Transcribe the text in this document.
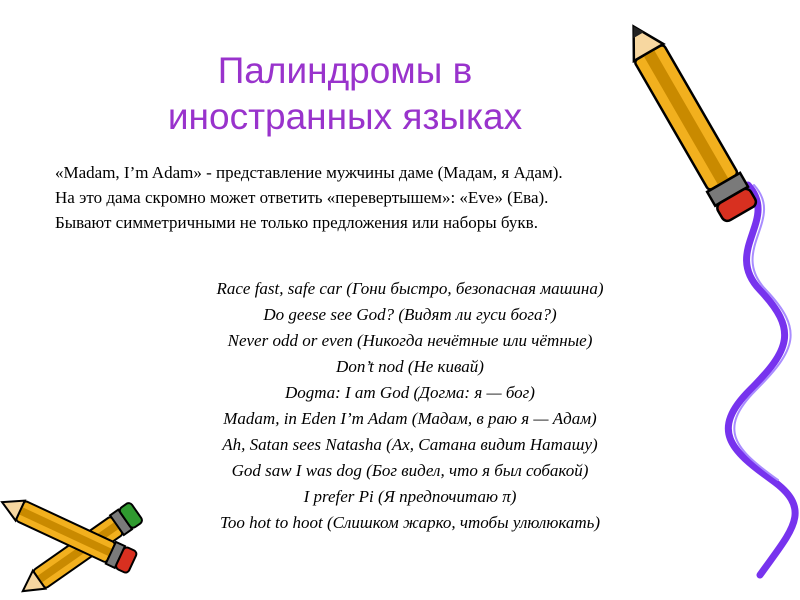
Палиндромы в
иностранных языках
«Madam, I’m Adam» - представление мужчины даме (Мадам, я Адам).
На это дама скромно может ответить «перевертышем»: «Eve» (Ева).
Бывают симметричными не только предложения или наборы букв.
Race fast, safe car (Гони быстро, безопасная машина)
Do geese see God? (Видят ли гуси бога?)
Never odd or even (Никогда нечётные или чётные)
Don’t nod (Не кивай)
Dogma: I am God (Догма: я — бог)
Madam, in Eden I’m Adam (Мадам, в раю я — Адам)
Ah, Satan sees Natasha (Ах, Сатана видит Наташу)
God saw I was dog (Бог видел, что я был собакой)
I prefer Pi (Я предпочитаю π)
Too hot to hoot (Слишком жарко, чтобы улюлюкать)
